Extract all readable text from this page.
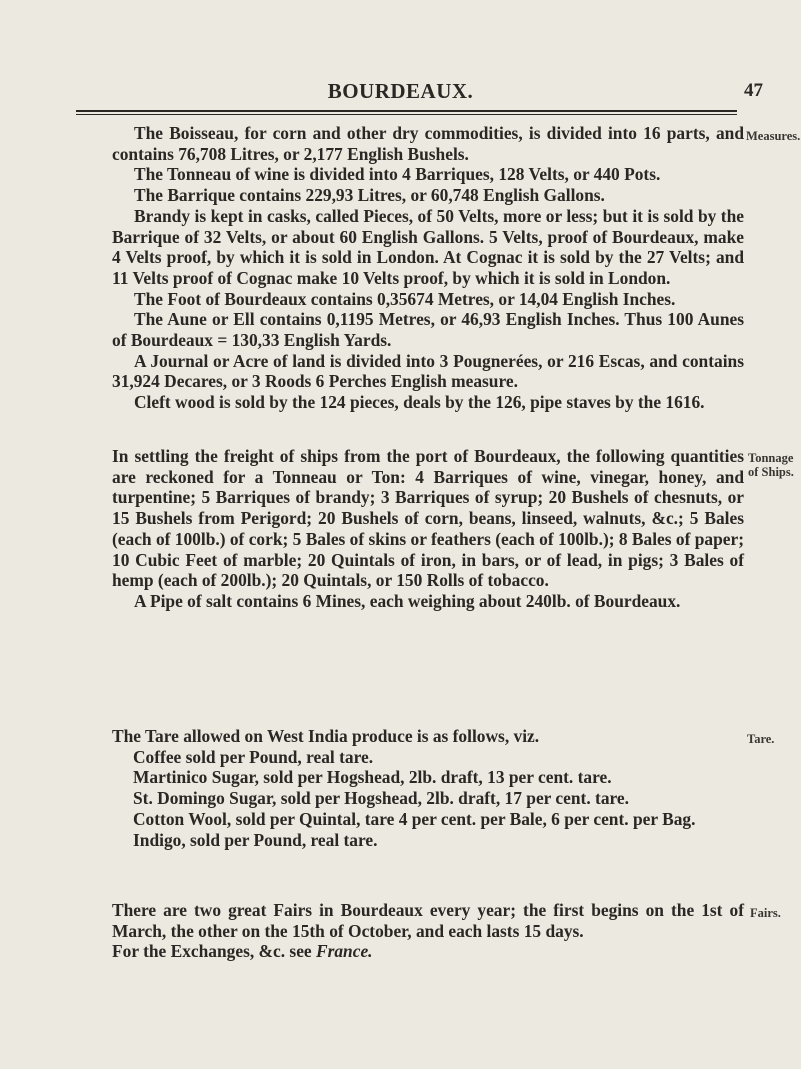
BOURDEAUX.	47
Measures.

The Boisseau, for corn and other dry commodities, is divided into 16 parts, and contains 76,708 Litres, or 2,177 English Bushels.

The Tonneau of wine is divided into 4 Barriques, 128 Velts, or 440 Pots.

The Barrique contains 229,93 Litres, or 60,748 English Gallons.

Brandy is kept in casks, called Pieces, of 50 Velts, more or less; but it is sold by the Barrique of 32 Velts, or about 60 English Gallons. 5 Velts, proof of Bourdeaux, make 4 Velts proof, by which it is sold in London. At Cognac it is sold by the 27 Velts; and 11 Velts proof of Cognac make 10 Velts proof, by which it is sold in London.

The Foot of Bourdeaux contains 0,35674 Metres, or 14,04 English Inches.

The Aune or Ell contains 0,1195 Metres, or 46,93 English Inches. Thus 100 Aunes of Bourdeaux = 130,33 English Yards.

A Journal or Acre of land is divided into 3 Pougnerées, or 216 Escas, and contains 31,924 Decares, or 3 Roods 6 Perches English measure.

Cleft wood is sold by the 124 pieces, deals by the 126, pipe staves by the 1616.

Tonnage of Ships.

In settling the freight of ships from the port of Bourdeaux, the following quantities are reckoned for a Tonneau or Ton: 4 Barriques of wine, vinegar, honey, and turpentine; 5 Barriques of brandy; 3 Barriques of syrup; 20 Bushels of chesnuts, or 15 Bushels from Perigord; 20 Bushels of corn, beans, linseed, walnuts, &c.; 5 Bales (each of 100lb.) of cork; 5 Bales of skins or feathers (each of 100lb.); 8 Bales of paper; 10 Cubic Feet of marble; 20 Quintals of iron, in bars, or of lead, in pigs; 3 Bales of hemp (each of 200lb.); 20 Quintals, or 150 Rolls of tobacco.

A Pipe of salt contains 6 Mines, each weighing about 240lb. of Bourdeaux.

Tare.

The Tare allowed on West India produce is as follows, viz.

Coffee sold per Pound, real tare.

Martinico Sugar, sold per Hogshead, 2lb. draft, 13 per cent. tare.

St. Domingo Sugar, sold per Hogshead, 2lb. draft, 17 per cent. tare.

Cotton Wool, sold per Quintal, tare 4 per cent. per Bale, 6 per cent. per Bag.

Indigo, sold per Pound, real tare.

Fairs.

There are two great Fairs in Bourdeaux every year; the first begins on the 1st of March, the other on the 15th of October, and each lasts 15 days.

For the Exchanges, &c. see France.
